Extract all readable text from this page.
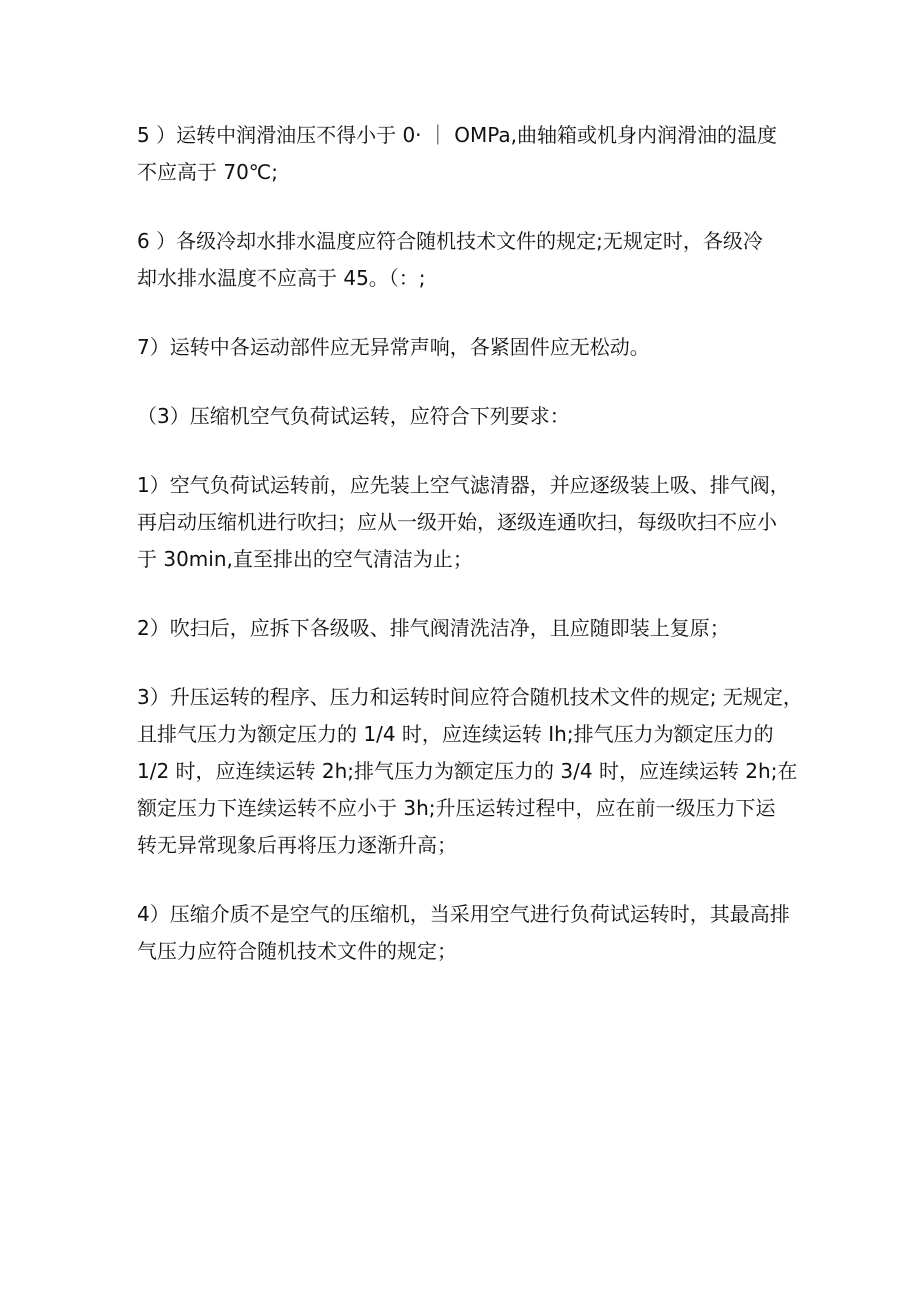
5 ）运转中润滑油压不得小于 0· ｜ OMPa,曲轴箱或机身内润滑油的温度
不应高于 70℃;

6 ）各级冷却水排水温度应符合随机技术文件的规定;无规定时，各级冷
却水排水温度不应高于 45。（：;

7）运转中各运动部件应无异常声响，各紧固件应无松动。

（3）压缩机空气负荷试运转，应符合下列要求：

1）空气负荷试运转前，应先装上空气滤清器，并应逐级装上吸、排气阀，
再启动压缩机进行吹扫；应从一级开始，逐级连通吹扫，每级吹扫不应小
于 30min,直至排出的空气清洁为止；

2）吹扫后，应拆下各级吸、排气阀清洗洁净，且应随即装上复原；

3）升压运转的程序、压力和运转时间应符合随机技术文件的规定; 无规定，
且排气压力为额定压力的 1/4 时，应连续运转 Ih;排气压力为额定压力的
1/2 时，应连续运转 2h;排气压力为额定压力的 3/4 时，应连续运转 2h;在
额定压力下连续运转不应小于 3h;升压运转过程中，应在前一级压力下运
转无异常现象后再将压力逐渐升高；

4）压缩介质不是空气的压缩机，当采用空气进行负荷试运转时，其最高排
气压力应符合随机技术文件的规定；
